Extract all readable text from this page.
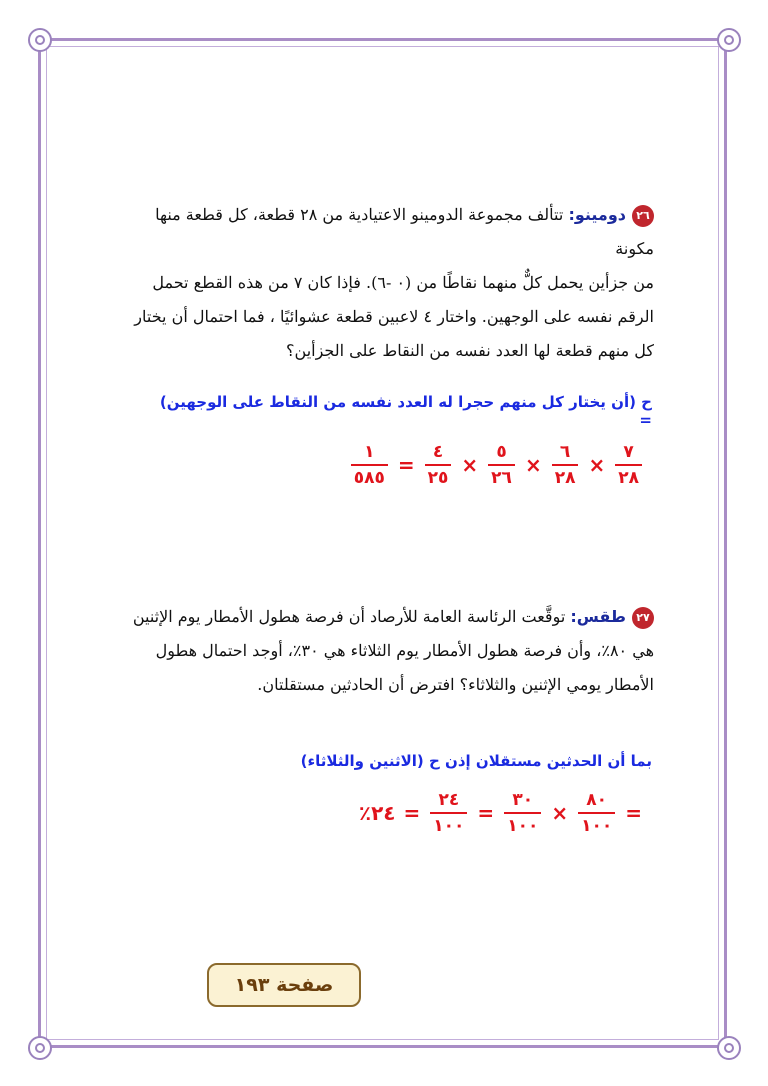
٢٦دومينو: تتألف مجموعة الدومينو الاعتيادية من ٢٨ قطعة، كل قطعة منها مكونة
من جزأين يحمل كلٌّ منهما نقاطًا من (٠ -٦). فإذا كان ٧ من هذه القطع تحمل
الرقم نفسه على الوجهين. واختار ٤ لاعبين قطعة عشوائيًا ، فما احتمال أن يختار
كل منهم قطعة لها العدد نفسه من النقاط على الجزأين؟
ح (أن يختار كل منهم حجرا له العدد نفسه من النقاط على الوجهين) =
$\frac{٧}{٢٨}$
×
$\frac{٦}{٢٨}$
×
$\frac{٥}{٢٦}$
×
$\frac{٤}{٢٥}$
=
$\frac{١}{٥٨٥}$
٢٧طقس: توقَّعت الرئاسة العامة للأرصاد أن فرصة هطول الأمطار يوم الإثنين
هي ٨٠٪، وأن فرصة هطول الأمطار يوم الثلاثاء هي ٣٠٪، أوجد احتمال هطول
الأمطار يومي الإثنين والثلاثاء؟ افترض أن الحادثين مستقلتان.
بما أن الحدثين مستقلان إذن ح (الاثنين والثلاثاء)
=
$\frac{٨٠}{١٠٠}$
×
$\frac{٣٠}{١٠٠}$
=
$\frac{٢٤}{١٠٠}$
=
٢٤٪
صفحة ١٩٣
